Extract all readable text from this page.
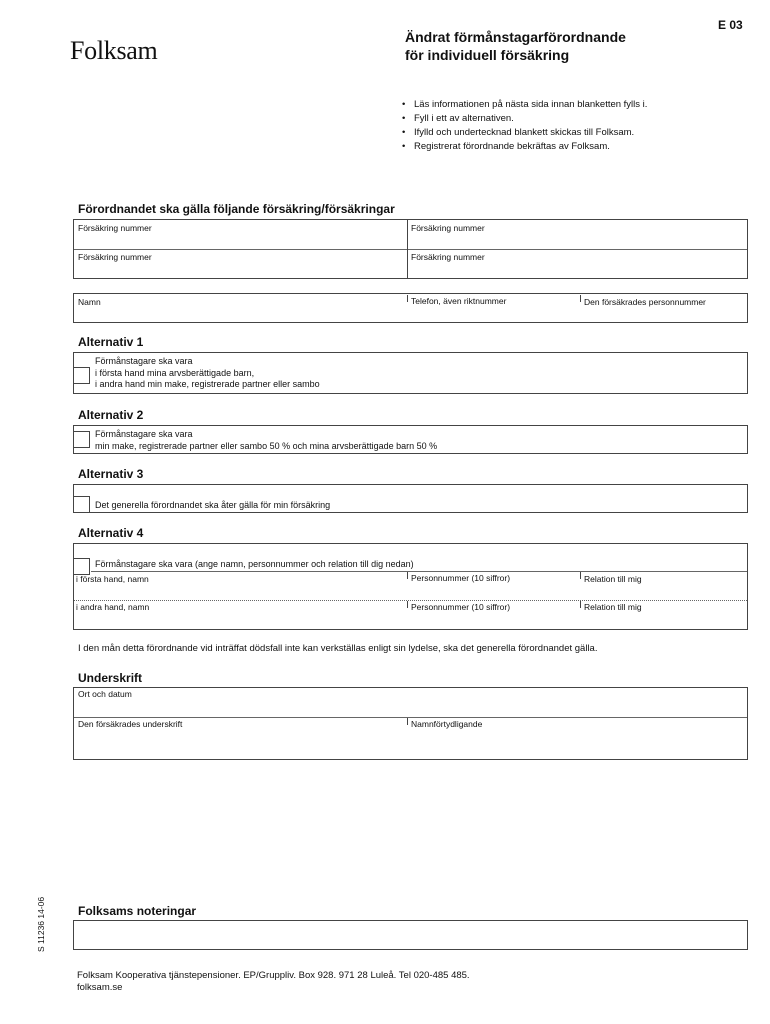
Folksam
E 03
Ändrat förmånstagarförordnande
för individuell försäkring
• Läs informationen på nästa sida innan blanketten fylls i.
• Fyll i ett av alternativen.
• Ifylld och undertecknad blankett skickas till Folksam.
• Registrerat förordnande bekräftas av Folksam.
Förordnandet ska gälla följande försäkring/försäkringar
Försäkring nummer	Försäkring nummer
Försäkring nummer	Försäkring nummer
Namn	Telefon, även riktnummer	Den försäkrades personnummer
Alternativ 1
Förmånstagare ska vara
i första hand mina arvsberättigade barn,
i andra hand min make, registrerade partner eller sambo
Alternativ 2
Förmånstagare ska vara
min make, registrerade partner eller sambo 50 % och mina arvsberättigade barn 50 %
Alternativ 3
Det generella förordnandet ska åter gälla för min försäkring
Alternativ 4
Förmånstagare ska vara (ange namn, personnummer och relation till dig nedan)
i första hand, namn	Personnummer (10 siffror)	Relation till mig
i andra hand, namn	Personnummer (10 siffror)	Relation till mig
I den mån detta förordnande vid inträffat dödsfall inte kan verkställas enligt sin lydelse, ska det generella förordnandet gälla.
Underskrift
Ort och datum
Den försäkrades underskrift	Namnförtydligande
S 11236 14-06	Folksams noteringar
Folksam Kooperativa tjänstepensioner. EP/Gruppliv. Box 928. 971 28 Luleå. Tel 020-485 485.
folksam.se
